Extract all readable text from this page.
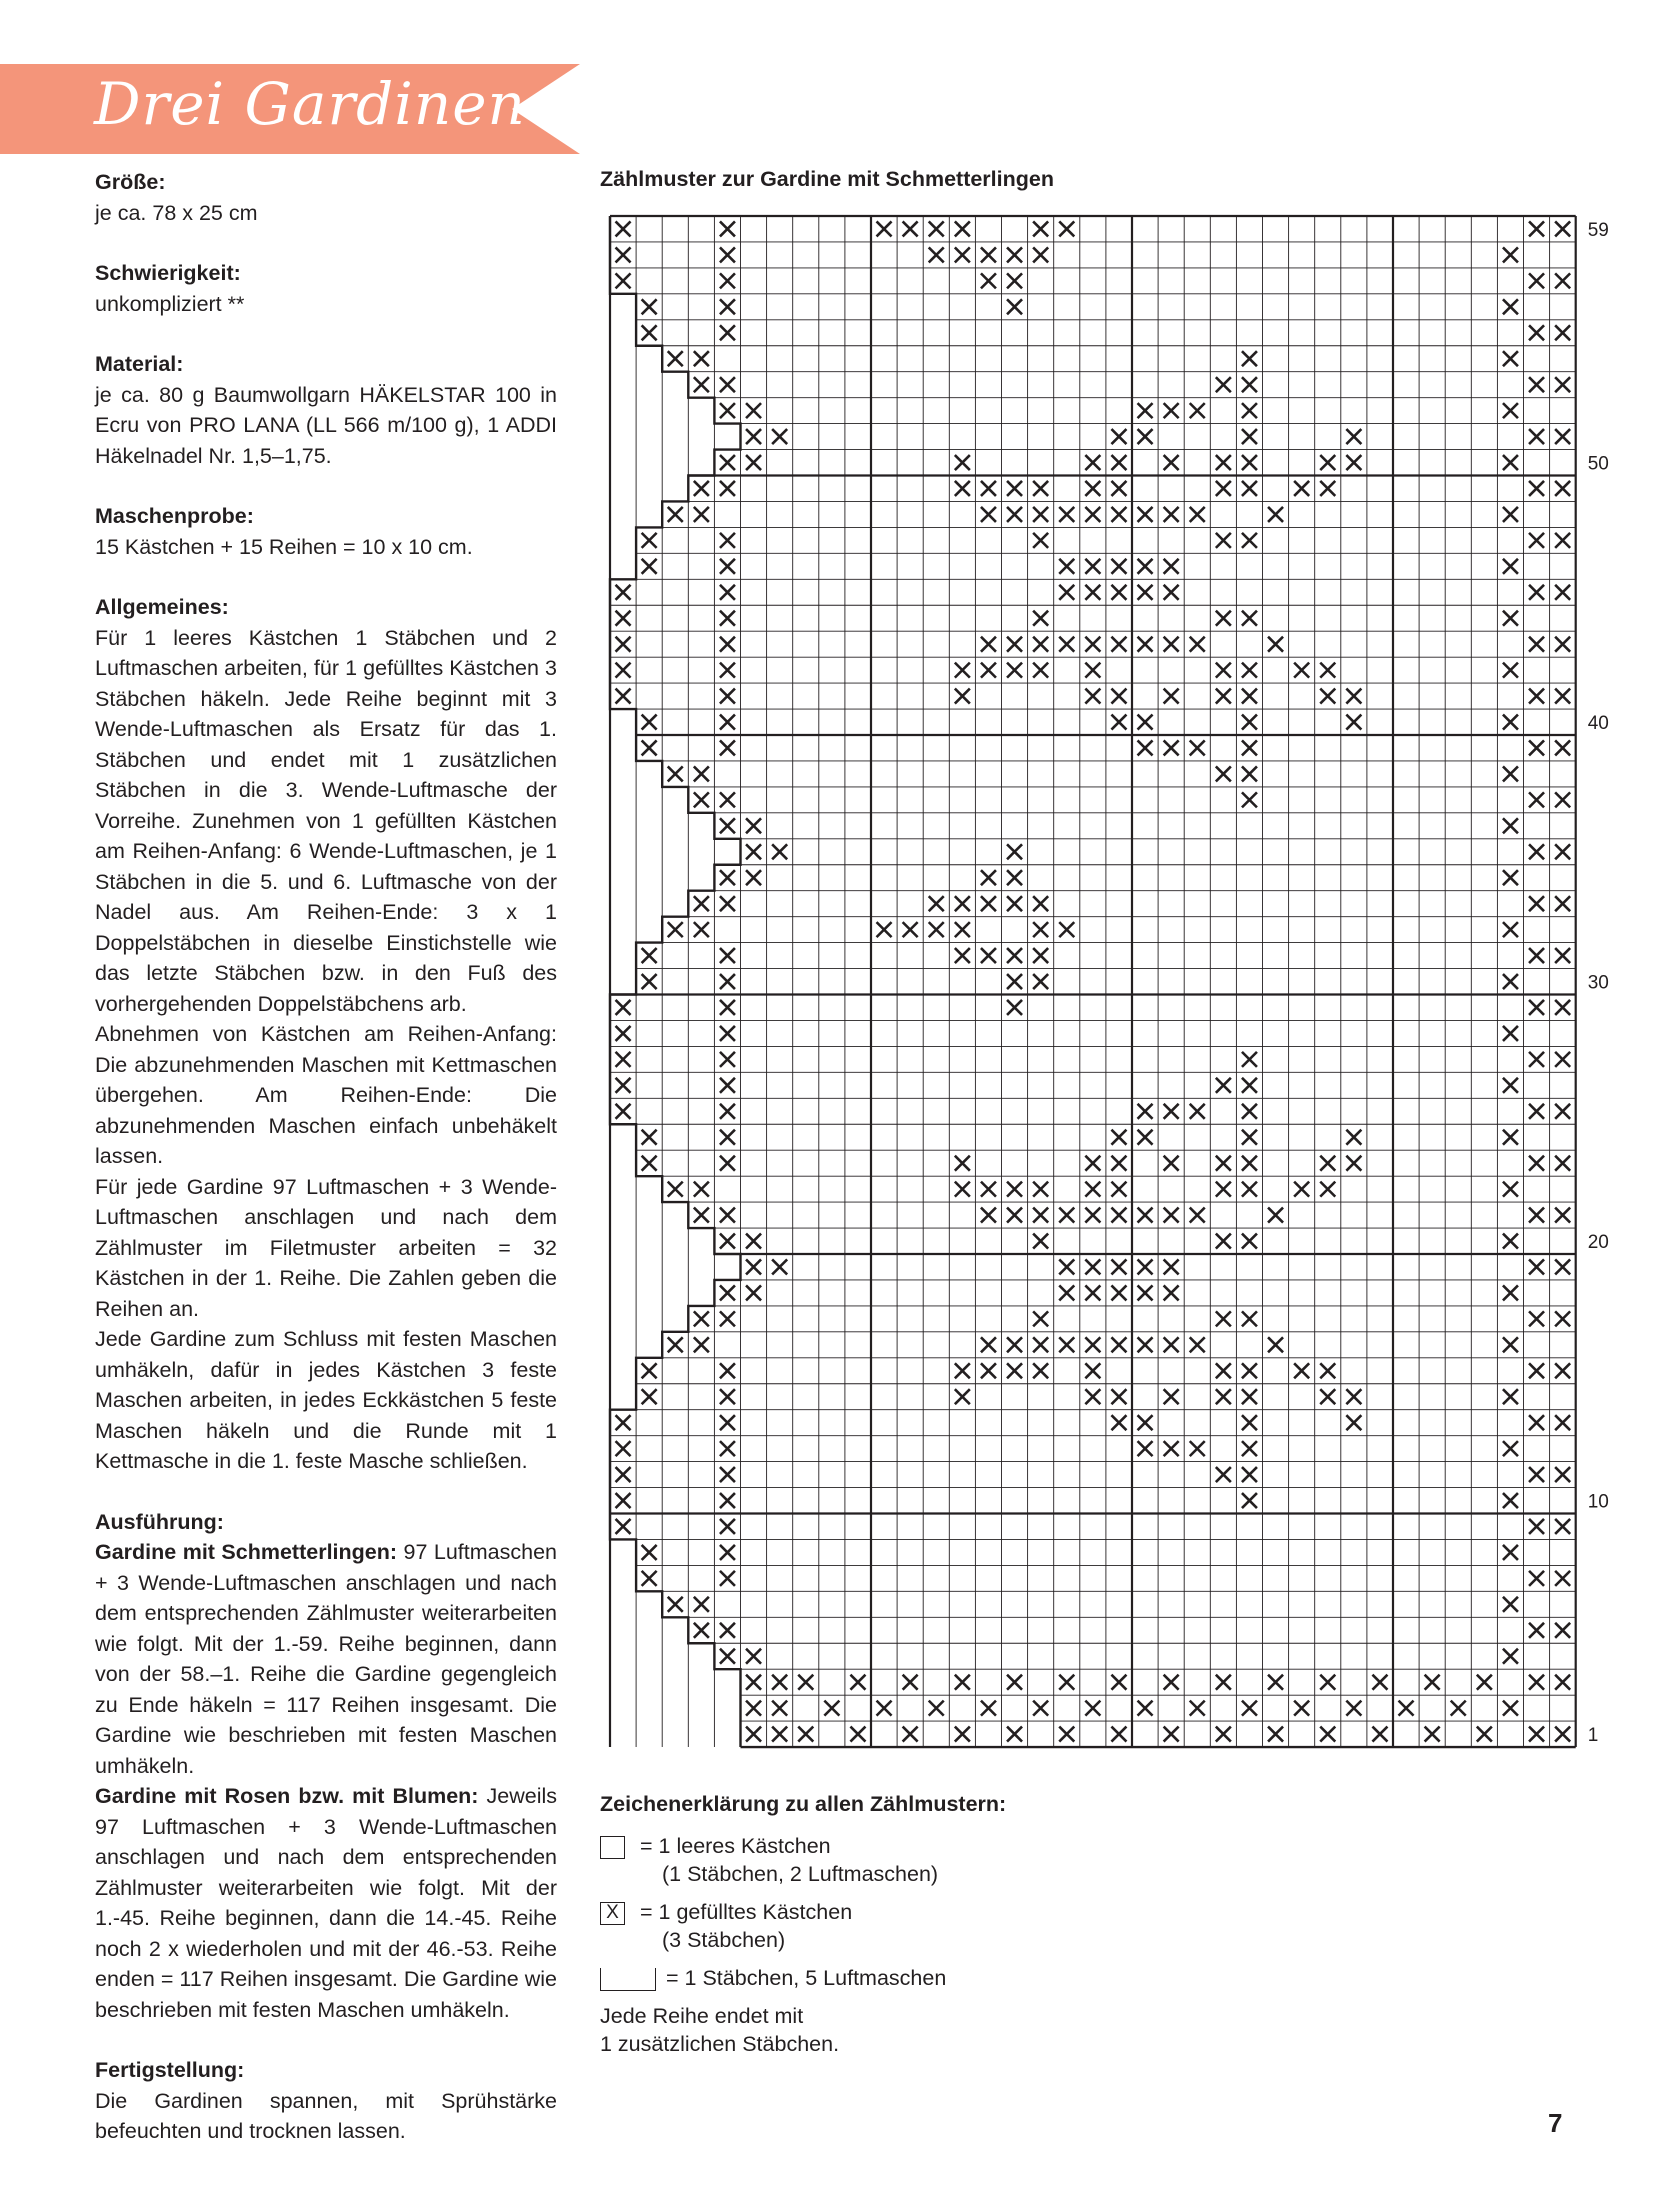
Drei Gardinen
Größe:

je ca. 78 x 25 cm

Schwierigkeit:

unkompliziert **

Material:

je ca. 80 g Baumwollgarn HÄKELSTAR 100 in Ecru von PRO LANA (LL 566 m/100 g), 1 ADDI Häkelnadel Nr. 1,5–1,75.

Maschenprobe:

15 Kästchen + 15 Reihen = 10 x 10 cm.

Allgemeines:

Für 1 leeres Kästchen 1 Stäbchen und 2 Luftmaschen arbeiten, für 1 gefülltes Kästchen 3 Stäbchen häkeln. Jede Reihe beginnt mit 3 Wende-Luftmaschen als Ersatz für das 1. Stäbchen und endet mit 1 zusätzlichen Stäbchen in die 3. Wende-Luftmasche der Vorreihe. Zunehmen von 1 gefüllten Kästchen am Reihen-Anfang: 6 Wende-Luftmaschen, je 1 Stäbchen in die 5. und 6. Luftmasche von der Nadel aus. Am Reihen-Ende: 3 x 1 Doppelstäbchen in dieselbe Einstichstelle wie das letzte Stäbchen bzw. in den Fuß des vorhergehenden Doppelstäbchens arb.

Abnehmen von Kästchen am Reihen-Anfang: Die abzunehmenden Maschen mit Kettmaschen übergehen. Am Reihen-Ende: Die abzunehmenden Maschen einfach unbehäkelt lassen.

Für jede Gardine 97 Luftmaschen + 3 Wende-Luftmaschen anschlagen und nach dem Zählmuster im Filetmuster arbeiten = 32 Kästchen in der 1. Reihe. Die Zahlen geben die Reihen an.

Jede Gardine zum Schluss mit festen Maschen umhäkeln, dafür in jedes Kästchen 3 feste Maschen arbeiten, in jedes Eckkästchen 5 feste Maschen häkeln und die Runde mit 1 Kettmasche in die 1. feste Masche schließen.

Ausführung:

Gardine mit Schmetterlingen: 97 Luftmaschen + 3 Wende-Luftmaschen anschlagen und nach dem entsprechenden Zählmuster weiterarbeiten wie folgt. Mit der 1.-59. Reihe beginnen, dann von der 58.–1. Reihe die Gardine gegengleich zu Ende häkeln = 117 Reihen insgesamt. Die Gardine wie beschrieben mit festen Maschen umhäkeln.

Gardine mit Rosen bzw. mit Blumen: Jeweils 97 Luftmaschen + 3 Wende-Luftmaschen anschlagen und nach dem entsprechenden Zählmuster weiterarbeiten wie folgt. Mit der 1.-45. Reihe beginnen, dann die 14.-45. Reihe noch 2 x wiederholen und mit der 46.-53. Reihe enden = 117 Reihen insgesamt. Die Gardine wie beschrieben mit festen Maschen umhäkeln.

Fertigstellung:

Die Gardinen spannen, mit Sprühstärke befeuchten und trocknen lassen.

Zählmuster zur Gardine mit Schmetterlingen
59
50
40
30
20
10
1

Zeichenerklärung zu allen Zählmustern:

= 1 leeres Kästchen
(1 Stäbchen, 2 Luftmaschen)
X = 1 gefülltes Kästchen
(3 Stäbchen)
= 1 Stäbchen, 5 Luftmaschen
Jede Reihe endet mit
1 zusätzlichen Stäbchen.

7
